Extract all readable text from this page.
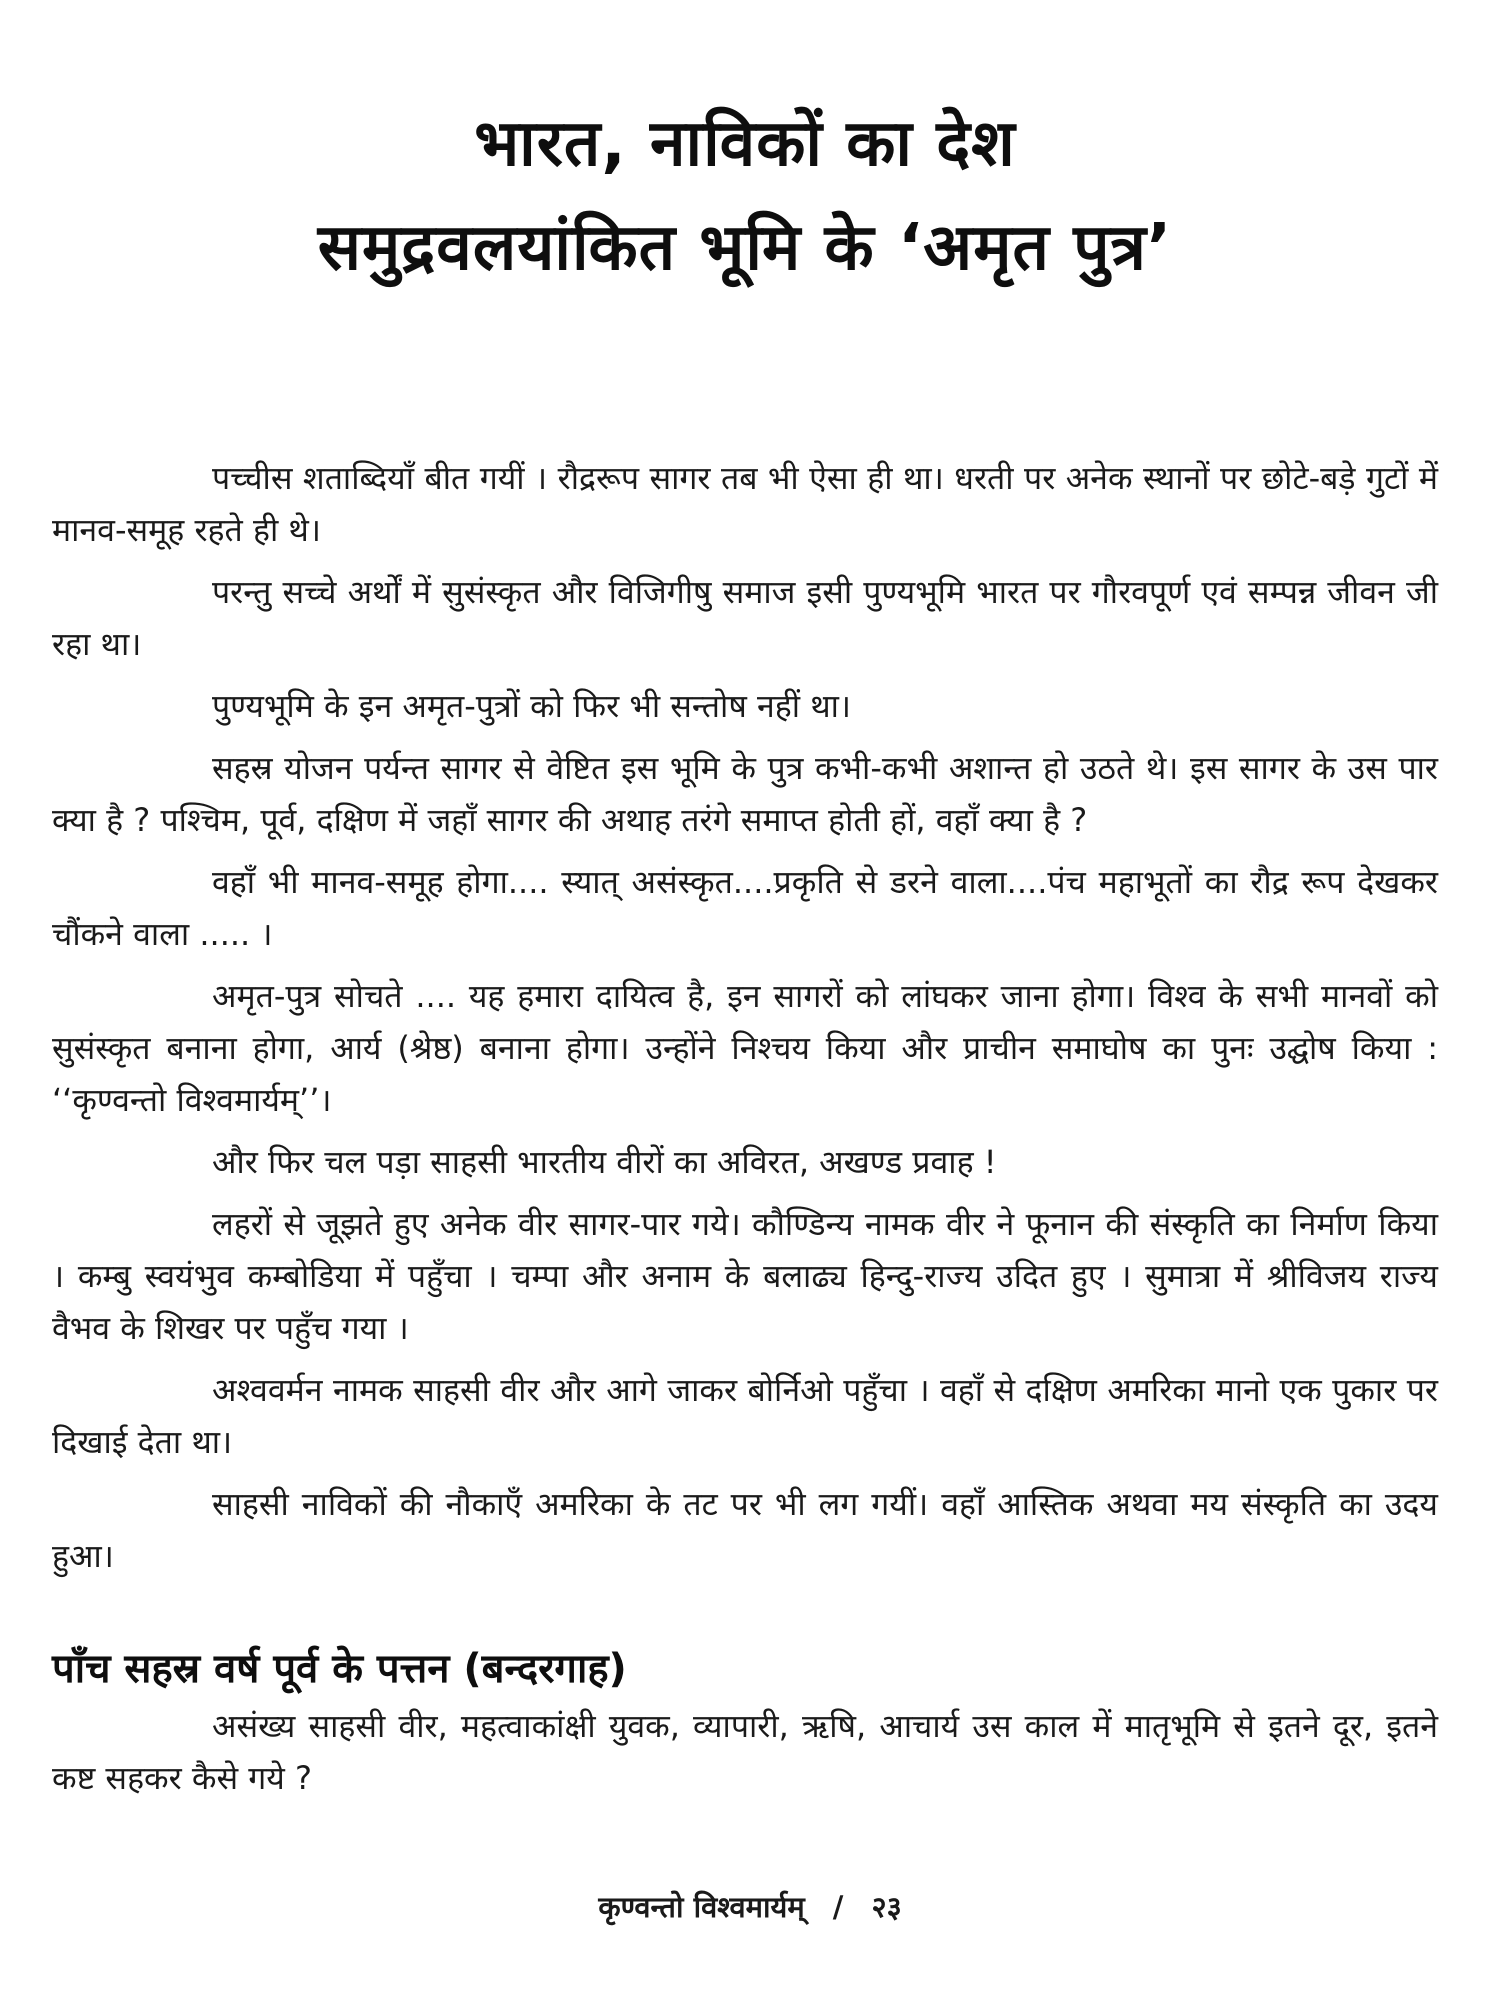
भारत, नाविकों का देश
समुद्रवलयांकित भूमि के ‘अमृत पुत्र’

पच्चीस शताब्दियाँ बीत गयीं । रौद्ररूप सागर तब भी ऐसा ही था। धरती पर अनेक स्थानों पर छोटे-बड़े गुटों में मानव-समूह रहते ही थे।

परन्तु सच्चे अर्थों में सुसंस्कृत और विजिगीषु समाज इसी पुण्यभूमि भारत पर गौरवपूर्ण एवं सम्पन्न जीवन जी रहा था।

पुण्यभूमि के इन अमृत-पुत्रों को फिर भी सन्तोष नहीं था।

सहस्र योजन पर्यन्त सागर से वेष्टित इस भूमि के पुत्र कभी-कभी अशान्त हो उठते थे। इस सागर के उस पार क्या है ? पश्चिम, पूर्व, दक्षिण में जहाँ सागर की अथाह तरंगे समाप्त होती हों, वहाँ क्या है ?

वहाँ भी मानव-समूह होगा.... स्यात् असंस्कृत....प्रकृति से डरने वाला....पंच महाभूतों का रौद्र रूप देखकर चौंकने वाला ..... ।

अमृत-पुत्र सोचते .... यह हमारा दायित्व है, इन सागरों को लांघकर जाना होगा। विश्व के सभी मानवों को सुसंस्कृत बनाना होगा, आर्य (श्रेष्ठ) बनाना होगा। उन्होंने निश्चय किया और प्राचीन समाघोष का पुनः उद्घोष किया : ‘‘कृण्वन्तो विश्वमार्यम्’’।

और फिर चल पड़ा साहसी भारतीय वीरों का अविरत, अखण्ड प्रवाह !

लहरों से जूझते हुए अनेक वीर सागर-पार गये। कौण्डिन्य नामक वीर ने फूनान की संस्कृति का निर्माण किया । कम्बु स्वयंभुव कम्बोडिया में पहुँचा । चम्पा और अनाम के बलाढ्य हिन्दु-राज्य उदित हुए । सुमात्रा में श्रीविजय राज्य वैभव के शिखर पर पहुँच गया ।

अश्ववर्मन नामक साहसी वीर और आगे जाकर बोर्निओ पहुँचा । वहाँ से दक्षिण अमरिका मानो एक पुकार पर दिखाई देता था।

साहसी नाविकों की नौकाएँ अमरिका के तट पर भी लग गयीं। वहाँ आस्तिक अथवा मय संस्कृति का उदय हुआ।

पाँच सहस्र वर्ष पूर्व के पत्तन (बन्दरगाह)

असंख्य साहसी वीर, महत्वाकांक्षी युवक, व्यापारी, ऋषि, आचार्य उस काल में मातृभूमि से इतने दूर, इतने कष्ट सहकर कैसे गये ?

कृण्वन्तो विश्वमार्यम् / २३
